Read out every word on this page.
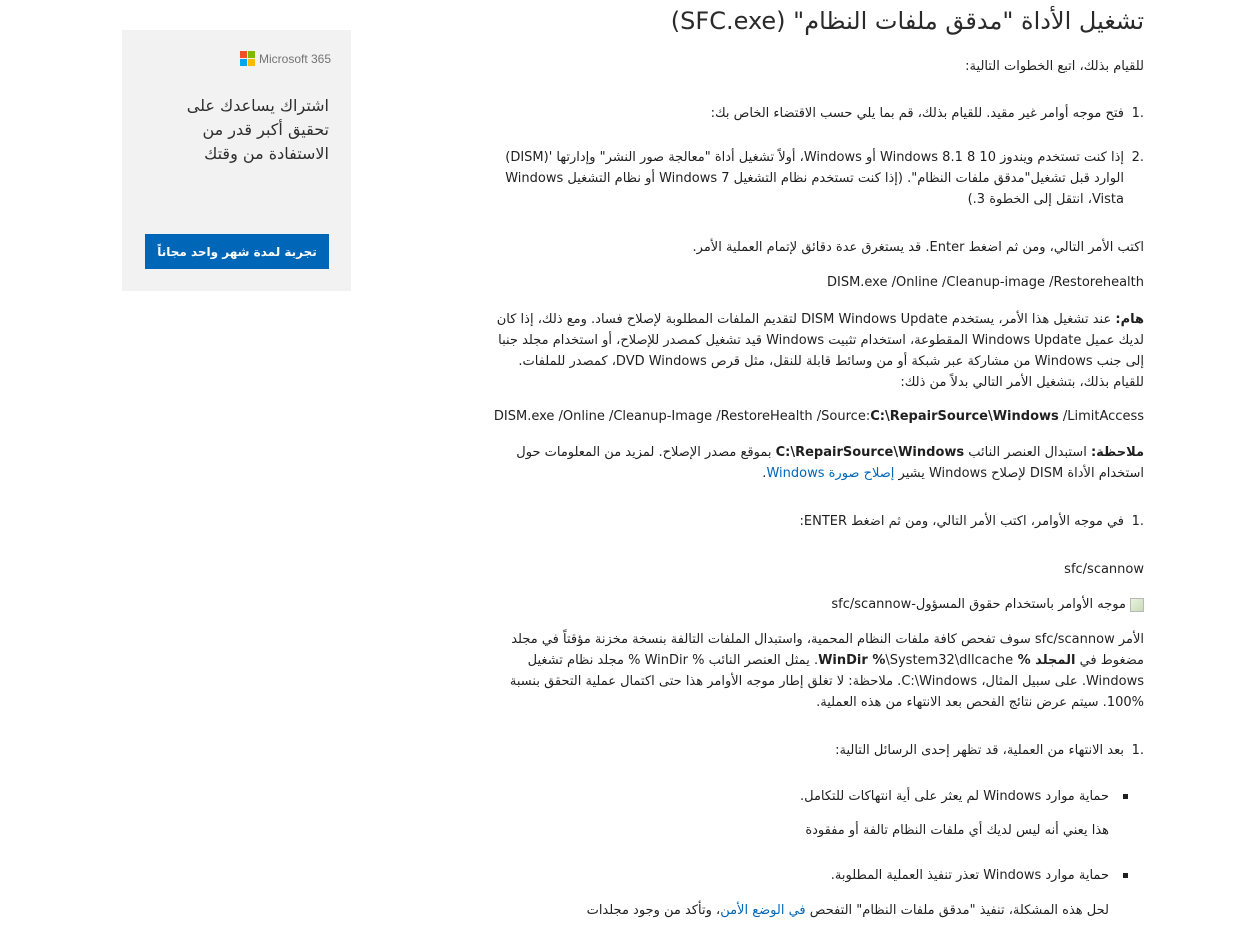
Microsoft 365
اشتراك يساعدك على تحقيق أكبر قدر من الاستفادة من وقتك
تجربة لمدة شهر واحد مجاناً
تشغيل الأداة "مدقق ملفات النظام" (SFC.exe)

للقيام بذلك، اتبع الخطوات التالية:

.1
فتح موجه أوامر غير مقيد. للقيام بذلك، قم بما يلي حسب الاقتضاء الخاص بك:
.2
إذا كنت تستخدم ويندوز 10 8 Windows 8.1 أو Windows، أولاً تشغيل أداة "معالجة صور النشر" وإدارتها '(DISM)
الوارد قبل تشغيل"مدقق ملفات النظام". (إذا كنت تستخدم نظام التشغيل Windows 7 أو نظام التشغيل Windows
Vista، انتقل إلى الخطوة 3.)

اكتب الأمر التالي، ومن ثم اضغط Enter. قد يستغرق عدة دقائق لإتمام العملية الأمر.

DISM.exe /Online /Cleanup-image /Restorehealth

هام: عند تشغيل هذا الأمر، يستخدم DISM Windows Update لتقديم الملفات المطلوبة لإصلاح فساد. ومع ذلك، إذا كان
لديك عميل Windows Update المقطوعة، استخدام تثبيت Windows قيد تشغيل كمصدر للإصلاح، أو استخدام مجلد جنبا
إلى جنب Windows من مشاركة عبر شبكة أو من وسائط قابلة للنقل، مثل قرص DVD Windows، كمصدر للملفات.
للقيام بذلك، بتشغيل الأمر التالي بدلاً من ذلك:

DISM.exe /Online /Cleanup-Image /RestoreHealth /Source:C:\RepairSource\Windows /LimitAccess

ملاحظة: استبدال العنصر النائب C:\RepairSource\Windows بموقع مصدر الإصلاح. لمزيد من المعلومات حول
استخدام الأداة DISM لإصلاح Windows يشير إصلاح صورة Windows.
.1
في موجه الأوامر، اكتب الأمر التالي، ومن ثم اضغط ENTER:

sfc/scannow

موجه الأوامر باستخدام حقوق المسؤول-sfc/scannow
الأمر sfc/scannow سوف تفحص كافة ملفات النظام المحمية، واستبدال الملفات التالفة بنسخة مخزنة مؤقتاً في مجلد
مضغوط في المجلد % WinDir %\System32\dllcache. يمثل العنصر النائب % WinDir % مجلد نظام تشغيل
Windows. على سبيل المثال، C:\Windows. ملاحظة: لا تغلق إطار موجه الأوامر هذا حتى اكتمال عملية التحقق بنسبة
100%. سيتم عرض نتائج الفحص بعد الانتهاء من هذه العملية.
.1
بعد الانتهاء من العملية، قد تظهر إحدى الرسائل التالية:
حماية موارد Windows لم يعثر على أية انتهاكات للتكامل.
هذا يعني أنه ليس لديك أي ملفات النظام تالفة أو مفقودة
حماية موارد Windows تعذر تنفيذ العملية المطلوبة.
لحل هذه المشكلة، تنفيذ "مدقق ملفات النظام" التفحص في الوضع الأمن، وتأكد من وجود مجلدات
